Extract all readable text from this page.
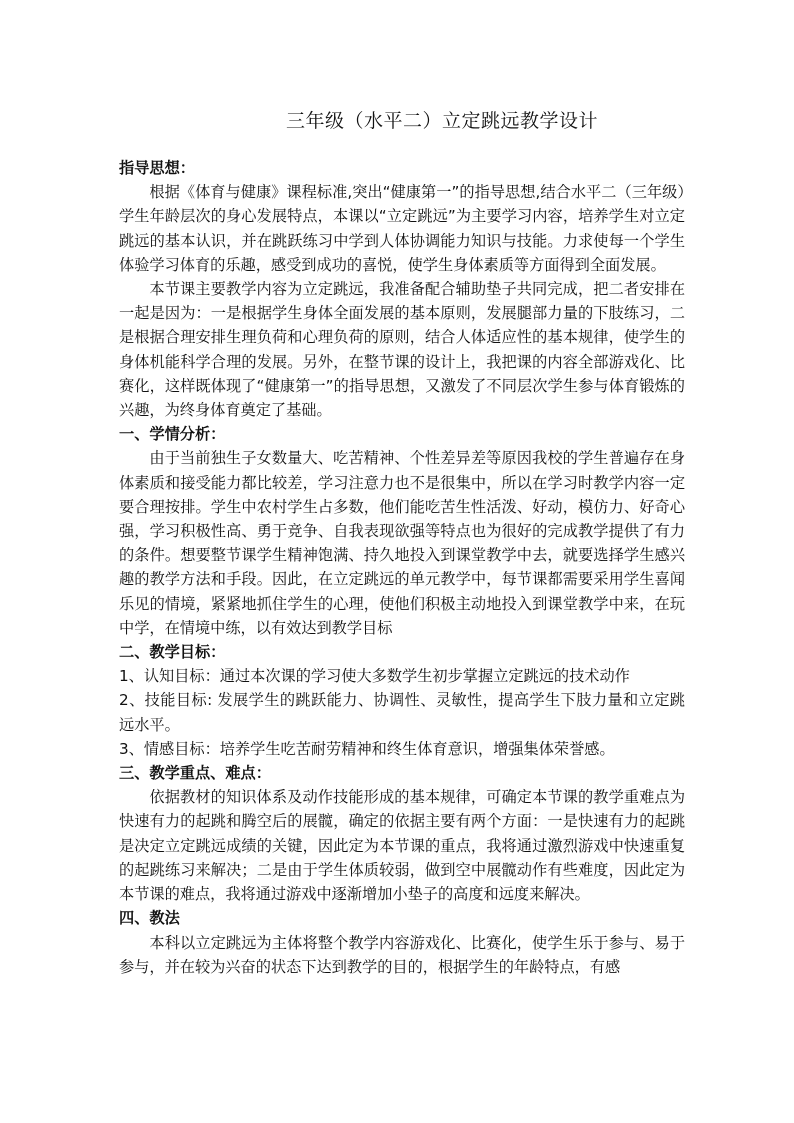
三年级（水平二）立定跳远教学设计

指导思想：

根据《体育与健康》课程标准,突出“健康第一”的指导思想,结合水平二（三年级）学生年龄层次的身心发展特点，本课以“立定跳远”为主要学习内容，培养学生对立定跳远的基本认识，并在跳跃练习中学到人体协调能力知识与技能。力求使每一个学生体验学习体育的乐趣，感受到成功的喜悦，使学生身体素质等方面得到全面发展。

本节课主要教学内容为立定跳远，我准备配合辅助垫子共同完成，把二者安排在一起是因为：一是根据学生身体全面发展的基本原则，发展腿部力量的下肢练习，二是根据合理安排生理负荷和心理负荷的原则，结合人体适应性的基本规律，使学生的身体机能科学合理的发展。另外，在整节课的设计上，我把课的内容全部游戏化、比赛化，这样既体现了“健康第一”的指导思想，又激发了不同层次学生参与体育锻炼的兴趣，为终身体育奠定了基础。

一、学情分析：

由于当前独生子女数量大、吃苦精神、个性差异差等原因我校的学生普遍存在身体素质和接受能力都比较差，学习注意力也不是很集中，所以在学习时教学内容一定要合理按排。学生中农村学生占多数，他们能吃苦生性活泼、好动，模仿力、好奇心强，学习积极性高、勇于竞争、自我表现欲强等特点也为很好的完成教学提供了有力的条件。想要整节课学生精神饱满、持久地投入到课堂教学中去，就要选择学生感兴趣的教学方法和手段。因此，在立定跳远的单元教学中，每节课都需要采用学生喜闻乐见的情境，紧紧地抓住学生的心理，使他们积极主动地投入到课堂教学中来，在玩中学，在情境中练，以有效达到教学目标

二、教学目标：

1、认知目标：通过本次课的学习使大多数学生初步掌握立定跳远的技术动作

2、技能目标: 发展学生的跳跃能力、协调性、灵敏性，提高学生下肢力量和立定跳远水平。

3、情感目标：培养学生吃苦耐劳精神和终生体育意识，增强集体荣誉感。

三、教学重点、难点：

依据教材的知识体系及动作技能形成的基本规律，可确定本节课的教学重难点为快速有力的起跳和腾空后的展髋，确定的依据主要有两个方面：一是快速有力的起跳是决定立定跳远成绩的关键，因此定为本节课的重点，我将通过激烈游戏中快速重复的起跳练习来解决；二是由于学生体质较弱，做到空中展髋动作有些难度，因此定为本节课的难点，我将通过游戏中逐渐增加小垫子的高度和远度来解决。

四、教法

本科以立定跳远为主体将整个教学内容游戏化、比赛化，使学生乐于参与、易于参与，并在较为兴奋的状态下达到教学的目的，根据学生的年龄特点，有感
